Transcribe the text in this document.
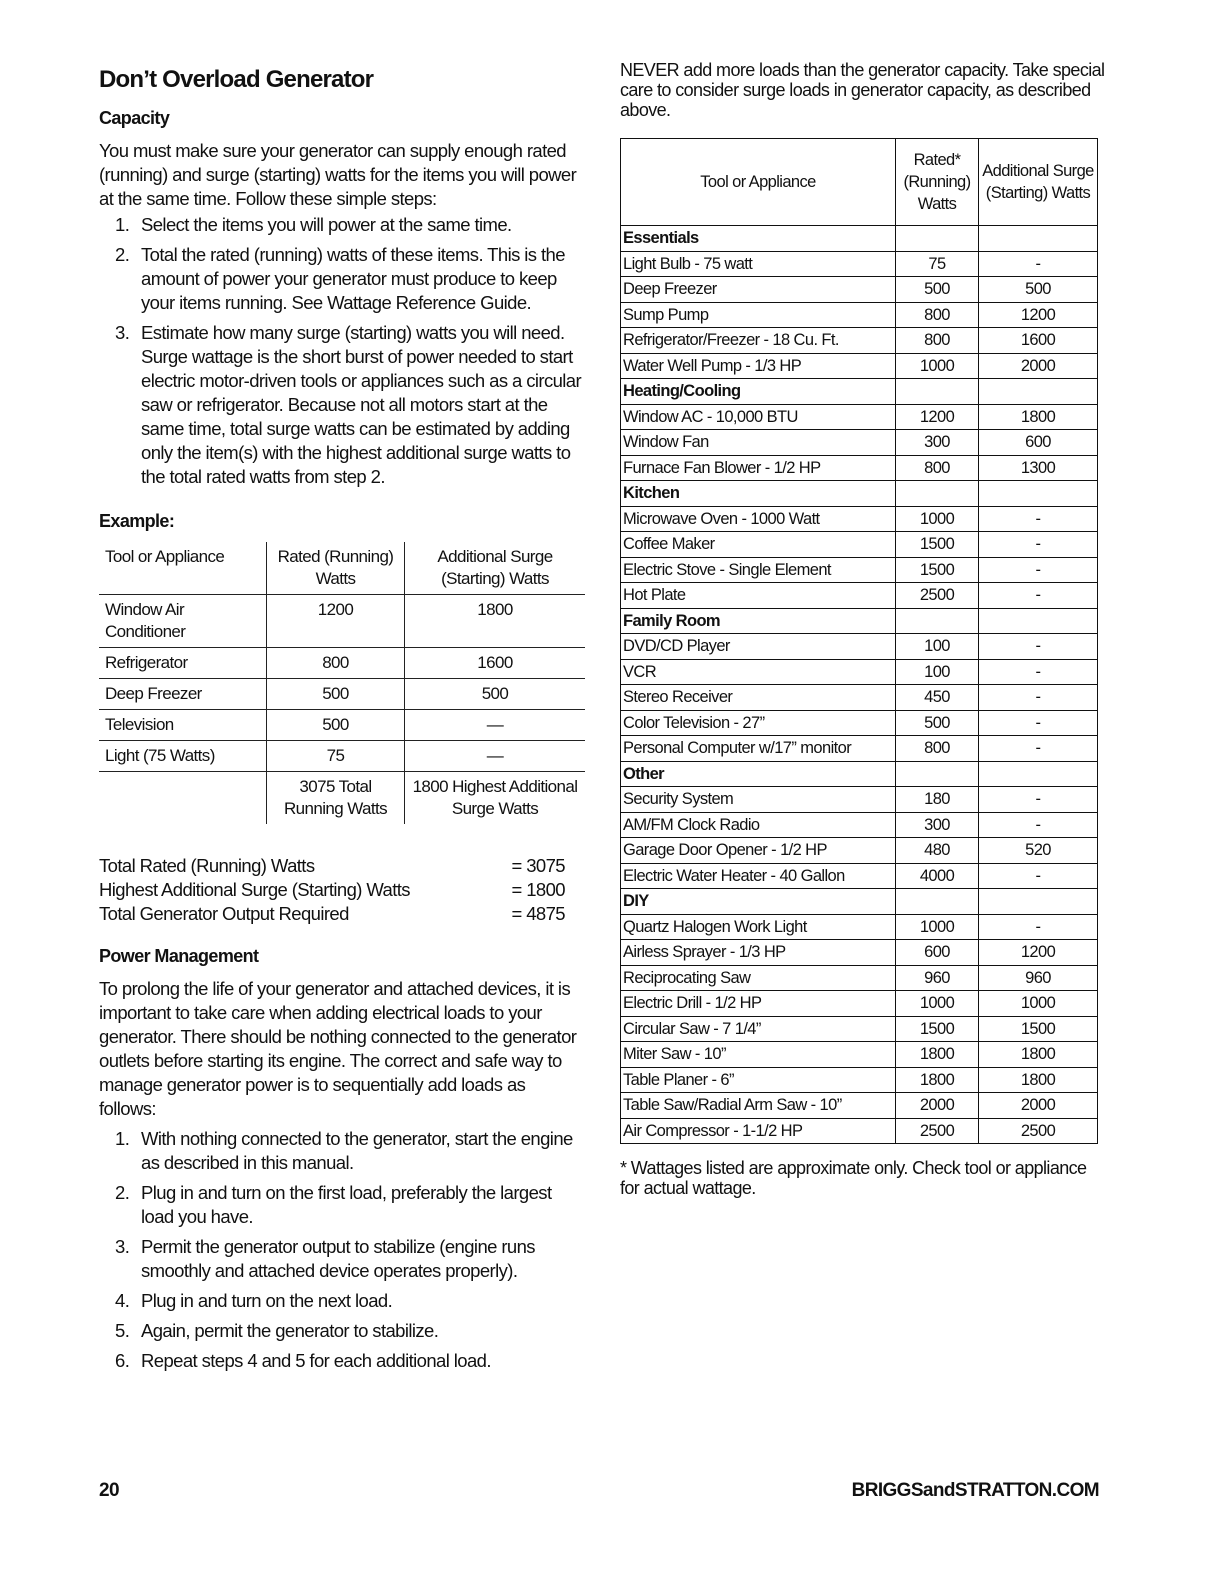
Don’t Overload Generator
Capacity

You must make sure your generator can supply enough rated (running) and surge (starting) watts for the items you will power at the same time. Follow these simple steps:

1. Select the items you will power at the same time.
2. Total the rated (running) watts of these items. This is the amount of power your generator must produce to keep your items running. See Wattage Reference Guide.
3. Estimate how many surge (starting) watts you will need. Surge wattage is the short burst of power needed to start electric motor-driven tools or appliances such as a circular saw or refrigerator. Because not all motors start at the same time, total surge watts can be estimated by adding only the item(s) with the highest additional surge watts to the total rated watts from step 2.
Example:
Tool or Appliance	Rated (Running) Watts	Additional Surge (Starting) Watts
Window Air Conditioner	1200	1800
Refrigerator	800	1600
Deep Freezer	500	500
Television	500	—
Light (75 Watts)	75	—
	3075 Total Running Watts	1800 Highest Additional Surge Watts
Total Rated (Running) Watts	= 3075
Highest Additional Surge (Starting) Watts	= 1800
Total Generator Output Required	= 4875
Power Management

To prolong the life of your generator and attached devices, it is important to take care when adding electrical loads to your generator. There should be nothing connected to the generator outlets before starting its engine. The correct and safe way to manage generator power is to sequentially add loads as follows:

1. With nothing connected to the generator, start the engine as described in this manual.
2. Plug in and turn on the first load, preferably the largest load you have.
3. Permit the generator output to stabilize (engine runs smoothly and attached device operates properly).
4. Plug in and turn on the next load.
5. Again, permit the generator to stabilize.
6. Repeat steps 4 and 5 for each additional load.

NEVER add more loads than the generator capacity. Take special care to consider surge loads in generator capacity, as described above.

Tool or Appliance	Rated* (Running) Watts	Additional Surge (Starting) Watts
Essentials		
Light Bulb - 75 watt	75	-
Deep Freezer	500	500
Sump Pump	800	1200
Refrigerator/Freezer - 18 Cu. Ft.	800	1600
Water Well Pump - 1/3 HP	1000	2000
Heating/Cooling		
Window AC - 10,000 BTU	1200	1800
Window Fan	300	600
Furnace Fan Blower - 1/2 HP	800	1300
Kitchen		
Microwave Oven - 1000 Watt	1000	-
Coffee Maker	1500	-
Electric Stove - Single Element	1500	-
Hot Plate	2500	-
Family Room		
DVD/CD Player	100	-
VCR	100	-
Stereo Receiver	450	-
Color Television - 27”	500	-
Personal Computer w/17” monitor	800	-
Other		
Security System	180	-
AM/FM Clock Radio	300	-
Garage Door Opener - 1/2 HP	480	520
Electric Water Heater - 40 Gallon	4000	-
DIY		
Quartz Halogen Work Light	1000	-
Airless Sprayer - 1/3 HP	600	1200
Reciprocating Saw	960	960
Electric Drill - 1/2 HP	1000	1000
Circular Saw - 7 1/4”	1500	1500
Miter Saw - 10”	1800	1800
Table Planer - 6”	1800	1800
Table Saw/Radial Arm Saw - 10”	2000	2000
Air Compressor - 1-1/2 HP	2500	2500

* Wattages listed are approximate only. Check tool or appliance for actual wattage.

20	BRIGGSandSTRATTON.COM
